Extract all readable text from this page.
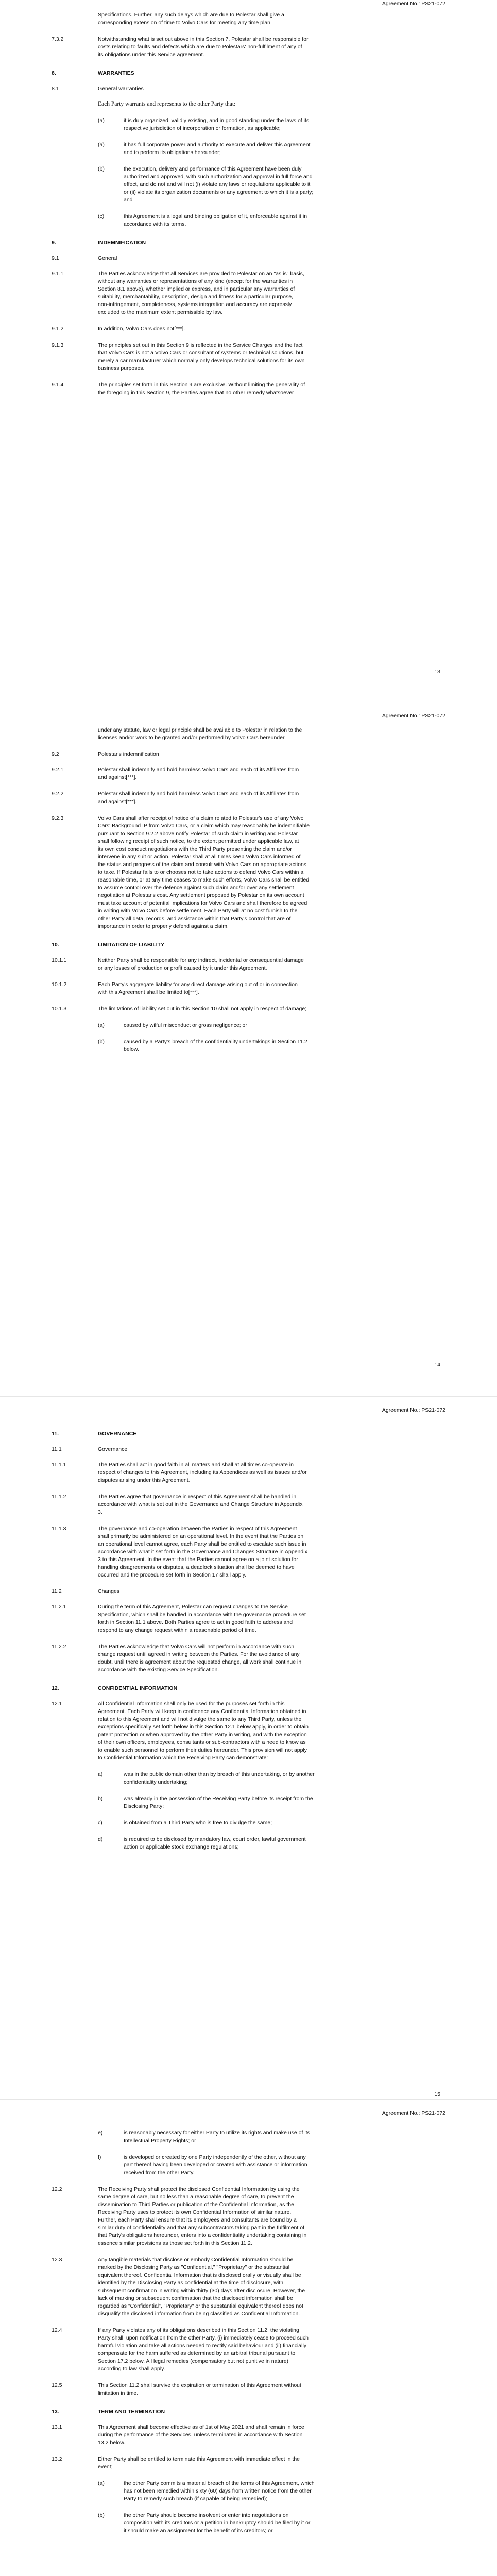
Agreement No.: PS21-072
Specifications. Further, any such delays which are due to Polestar shall give a
corresponding extension of time to Volvo Cars for meeting any time plan.
7.3.2	Notwithstanding what is set out above in this Section 7, Polestar shall be responsible for
costs relating to faults and defects which are due to Polestars' non-fulfilment of any of
its obligations under this Service agreement.
8.	WARRANTIES
8.1	General warranties
Each Party warrants and represents to the other Party that:
(a)	it is duly organized, validly existing, and in good standing under the laws of its
respective jurisdiction of incorporation or formation, as applicable;
(a)	it has full corporate power and authority to execute and deliver this Agreement
and to perform its obligations hereunder;
(b)	the execution, delivery and performance of this Agreement have been duly
authorized and approved, with such authorization and approval in full force and
effect, and do not and will not (i) violate any laws or regulations applicable to it
or (ii) violate its organization documents or any agreement to which it is a party;
and
(c)	this Agreement is a legal and binding obligation of it, enforceable against it in
accordance with its terms.
9.	INDEMNIFICATION
9.1	General
9.1.1	The Parties acknowledge that all Services are provided to Polestar on an "as is" basis,
without any warranties or representations of any kind (except for the warranties in
Section 8.1 above), whether implied or express, and in particular any warranties of
suitability, merchantability, description, design and fitness for a particular purpose,
non-infringement, completeness, systems integration and accuracy are expressly
excluded to the maximum extent permissible by law.
9.1.2	In addition, Volvo Cars does not[***].
9.1.3	The principles set out in this Section 9 is reflected in the Service Charges and the fact
that Volvo Cars is not a Volvo Cars or consultant of systems or technical solutions, but
merely a car manufacturer which normally only develops technical solutions for its own
business purposes.
9.1.4	The principles set forth in this Section 9 are exclusive. Without limiting the generality of
the foregoing in this Section 9, the Parties agree that no other remedy whatsoever
13
Agreement No.: PS21-072
under any statute, law or legal principle shall be available to Polestar in relation to the
licenses and/or work to be granted and/or performed by Volvo Cars hereunder.
9.2	Polestar's indemnification
9.2.1	Polestar shall indemnify and hold harmless Volvo Cars and each of its Affiliates from
and against[***].
9.2.2	Polestar shall indemnify and hold harmless Volvo Cars and each of its Affiliates from
and against[***].
9.2.3	Volvo Cars shall after receipt of notice of a claim related to Polestar's use of any Volvo
Cars' Background IP from Volvo Cars, or a claim which may reasonably be indemnifiable
pursuant to Section 9.2.2 above notify Polestar of such claim in writing and Polestar
shall following receipt of such notice, to the extent permitted under applicable law, at
its own cost conduct negotiations with the Third Party presenting the claim and/or
intervene in any suit or action. Polestar shall at all times keep Volvo Cars informed of
the status and progress of the claim and consult with Volvo Cars on appropriate actions
to take. If Polestar fails to or chooses not to take actions to defend Volvo Cars within a
reasonable time, or at any time ceases to make such efforts, Volvo Cars shall be entitled
to assume control over the defence against such claim and/or over any settlement
negotiation at Polestar's cost. Any settlement proposed by Polestar on its own account
must take account of potential implications for Volvo Cars and shall therefore be agreed
in writing with Volvo Cars before settlement. Each Party will at no cost furnish to the
other Party all data, records, and assistance within that Party's control that are of
importance in order to properly defend against a claim.
10.	LIMITATION OF LIABILITY
10.1.1	Neither Party shall be responsible for any indirect, incidental or consequential damage
or any losses of production or profit caused by it under this Agreement.
10.1.2	Each Party's aggregate liability for any direct damage arising out of or in connection
with this Agreement shall be limited to[***].
10.1.3	The limitations of liability set out in this Section 10 shall not apply in respect of damage;
(a)	caused by wilful misconduct or gross negligence; or
(b)	caused by a Party's breach of the confidentiality undertakings in Section 11.2
below.
14
Agreement No.: PS21-072
11.	GOVERNANCE
11.1	Governance
11.1.1	The Parties shall act in good faith in all matters and shall at all times co-operate in
respect of changes to this Agreement, including its Appendices as well as issues and/or
disputes arising under this Agreement.
11.1.2	The Parties agree that governance in respect of this Agreement shall be handled in
accordance with what is set out in the Governance and Change Structure in Appendix
3.
11.1.3	The governance and co-operation between the Parties in respect of this Agreement
shall primarily be administered on an operational level. In the event that the Parties on
an operational level cannot agree, each Party shall be entitled to escalate such issue in
accordance with what it set forth in the Governance and Changes Structure in Appendix
3 to this Agreement. In the event that the Parties cannot agree on a joint solution for
handling disagreements or disputes, a deadlock situation shall be deemed to have
occurred and the procedure set forth in Section 17 shall apply.
11.2	Changes
11.2.1	During the term of this Agreement, Polestar can request changes to the Service
Specification, which shall be handled in accordance with the governance procedure set
forth in Section 11.1 above. Both Parties agree to act in good faith to address and
respond to any change request within a reasonable period of time.
11.2.2	The Parties acknowledge that Volvo Cars will not perform in accordance with such
change request until agreed in writing between the Parties. For the avoidance of any
doubt, until there is agreement about the requested change, all work shall continue in
accordance with the existing Service Specification.
12.	CONFIDENTIAL INFORMATION
12.1	All Confidential Information shall only be used for the purposes set forth in this
Agreement. Each Party will keep in confidence any Confidential Information obtained in
relation to this Agreement and will not divulge the same to any Third Party, unless the
exceptions specifically set forth below in this Section 12.1 below apply, in order to obtain
patent protection or when approved by the other Party in writing, and with the exception
of their own officers, employees, consultants or sub-contractors with a need to know as
to enable such personnel to perform their duties hereunder. This provision will not apply
to Confidential Information which the Receiving Party can demonstrate:
a)	was in the public domain other than by breach of this undertaking, or by another
confidentiality undertaking;
b)	was already in the possession of the Receiving Party before its receipt from the
Disclosing Party;
c)	is obtained from a Third Party who is free to divulge the same;
d)	is required to be disclosed by mandatory law, court order, lawful government
action or applicable stock exchange regulations;
15
Agreement No.: PS21-072
e)	is reasonably necessary for either Party to utilize its rights and make use of its
Intellectual Property Rights; or
f)	is developed or created by one Party independently of the other, without any
part thereof having been developed or created with assistance or information
received from the other Party.
12.2	The Receiving Party shall protect the disclosed Confidential Information by using the
same degree of care, but no less than a reasonable degree of care, to prevent the
dissemination to Third Parties or publication of the Confidential Information, as the
Receiving Party uses to protect its own Confidential Information of similar nature.
Further, each Party shall ensure that its employees and consultants are bound by a
similar duty of confidentiality and that any subcontractors taking part in the fulfilment of
that Party's obligations hereunder, enters into a confidentiality undertaking containing in
essence similar provisions as those set forth in this Section 11.2.
12.3	Any tangible materials that disclose or embody Confidential Information should be
marked by the Disclosing Party as "Confidential," "Proprietary" or the substantial
equivalent thereof. Confidential Information that is disclosed orally or visually shall be
identified by the Disclosing Party as confidential at the time of disclosure, with
subsequent confirmation in writing within thirty (30) days after disclosure. However, the
lack of marking or subsequent confirmation that the disclosed information shall be
regarded as "Confidential", "Proprietary" or the substantial equivalent thereof does not
disqualify the disclosed information from being classified as Confidential Information.
12.4	If any Party violates any of its obligations described in this Section 11.2, the violating
Party shall, upon notification from the other Party, (i) immediately cease to proceed such
harmful violation and take all actions needed to rectify said behaviour and (ii) financially
compensate for the harm suffered as determined by an arbitral tribunal pursuant to
Section 17.2 below. All legal remedies (compensatory but not punitive in nature)
according to law shall apply.
12.5	This Section 11.2 shall survive the expiration or termination of this Agreement without
limitation in time.
13.	TERM AND TERMINATION
13.1	This Agreement shall become effective as of 1st of May 2021 and shall remain in force
during the performance of the Services, unless terminated in accordance with Section
13.2 below.
13.2	Either Party shall be entitled to terminate this Agreement with immediate effect in the
event;
(a)	the other Party commits a material breach of the terms of this Agreement, which
has not been remedied within sixty (60) days from written notice from the other
Party to remedy such breach (if capable of being remedied);
(b)	the other Party should become insolvent or enter into negotiations on
composition with its creditors or a petition in bankruptcy should be filed by it or
it should make an assignment for the benefit of its creditors; or
